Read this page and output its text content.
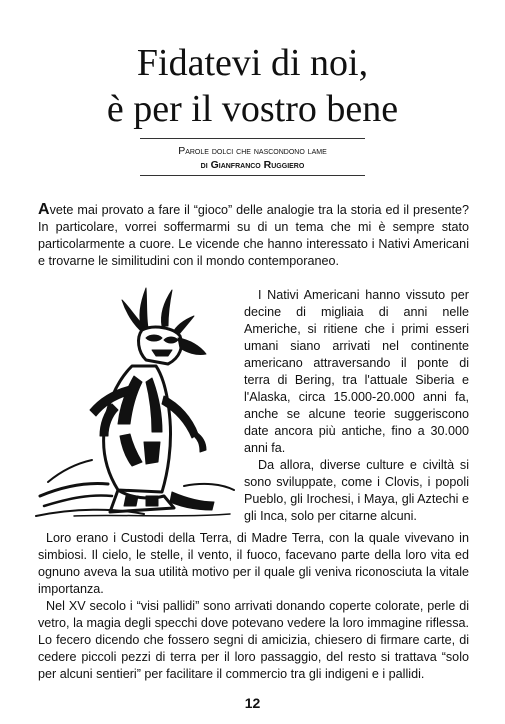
Fidatevi di noi,
è per il vostro bene
Parole dolci che nascondono lame
di Gianfranco Ruggiero
Avete mai provato a fare il “gioco” delle analogie tra la storia ed il presente? In particolare, vorrei soffermarmi su di un tema che mi è sempre stato particolarmente a cuore. Le vicende che hanno interessato i Nativi Americani e trovarne le similitudini con il mondo contemporaneo.

I Nativi Americani hanno vissuto per decine di migliaia di anni nelle Americhe, si ritiene che i primi esseri umani siano arrivati nel continente americano attraversando il ponte di terra di Bering, tra l'attuale Siberia e l'Alaska, circa 15.000-20.000 anni fa, anche se alcune teorie suggeriscono date ancora più antiche, fino a 30.000 anni fa.

Da allora, diverse culture e civiltà si sono sviluppate, come i Clovis, i popoli Pueblo, gli Irochesi, i Maya, gli Aztechi e gli Inca, solo per citarne alcuni.

Loro erano i Custodi della Terra, di Madre Terra, con la quale vivevano in simbiosi. Il cielo, le stelle, il vento, il fuoco, facevano parte della loro vita ed ognuno aveva la sua utilità motivo per il quale gli veniva riconosciuta la vitale importanza.

Nel XV secolo i “visi pallidi” sono arrivati donando coperte colorate, perle di vetro, la magia degli specchi dove potevano vedere la loro immagine riflessa. Lo fecero dicendo che fossero segni di amicizia, chiesero di firmare carte, di cedere piccoli pezzi di terra per il loro passaggio, del resto si trattava “solo per alcuni sentieri” per facilitare il commercio tra gli indigeni e i pallidi.

12
